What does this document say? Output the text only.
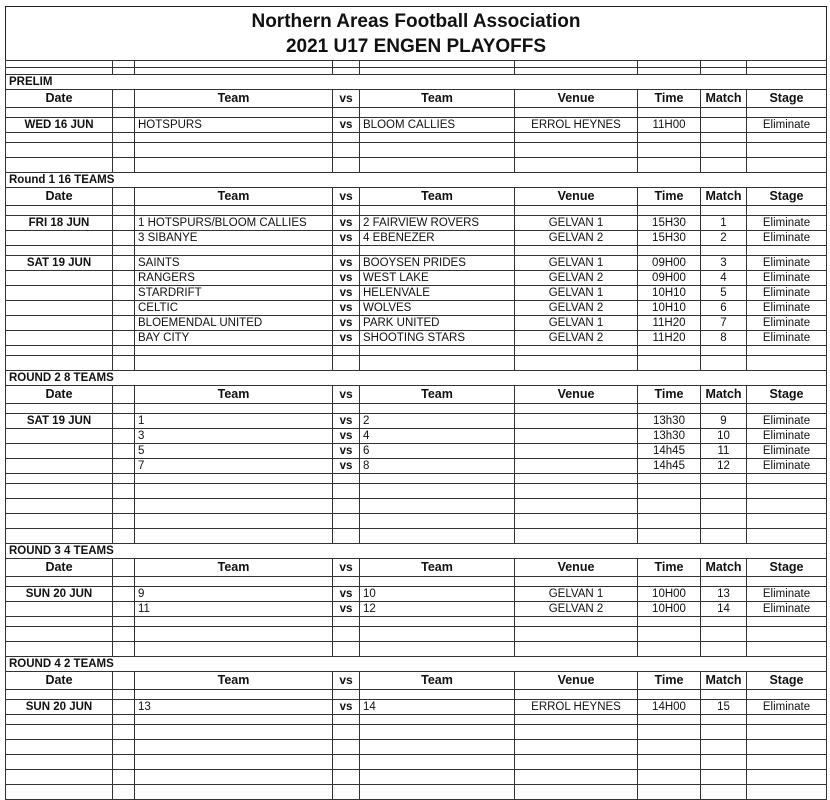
Northern Areas Football Association
2021 U17 ENGEN PLAYOFFS

PRELIM								
Date		Team	vs	Team	Venue	Time	Match	Stage

WED 16 JUN		HOTSPURS	vs	BLOOM CALLIES	ERROL HEYNES	11H00		Eliminate

Round 1 16 TEAMS								
Date		Team	vs	Team	Venue	Time	Match	Stage

FRI 18 JUN		1 HOTSPURS/BLOOM CALLIES	vs	2 FAIRVIEW ROVERS	GELVAN 1	15H30	1	Eliminate
		3 SIBANYE	vs	4 EBENEZER	GELVAN 2	15H30	2	Eliminate

SAT 19 JUN		SAINTS	vs	BOOYSEN PRIDES	GELVAN 1	09H00	3	Eliminate
		RANGERS	vs	WEST LAKE	GELVAN 2	09H00	4	Eliminate
		STARDRIFT	vs	HELENVALE	GELVAN 1	10H10	5	Eliminate
		CELTIC	vs	WOLVES	GELVAN 2	10H10	6	Eliminate
		BLOEMENDAL UNITED	vs	PARK UNITED	GELVAN 1	11H20	7	Eliminate
		BAY CITY	vs	SHOOTING STARS	GELVAN 2	11H20	8	Eliminate

ROUND 2 8 TEAMS								
Date		Team	vs	Team	Venue	Time	Match	Stage

SAT 19 JUN		1	vs	2		13h30	9	Eliminate
		3	vs	4		13h30	10	Eliminate
		5	vs	6		14h45	11	Eliminate
		7	vs	8		14h45	12	Eliminate

ROUND 3 4 TEAMS								
Date		Team	vs	Team	Venue	Time	Match	Stage

SUN 20 JUN		9	vs	10	GELVAN 1	10H00	13	Eliminate
		11	vs	12	GELVAN 2	10H00	14	Eliminate

ROUND 4 2 TEAMS								
Date		Team	vs	Team	Venue	Time	Match	Stage

SUN 20 JUN		13	vs	14	ERROL HEYNES	14H00	15	Eliminate
